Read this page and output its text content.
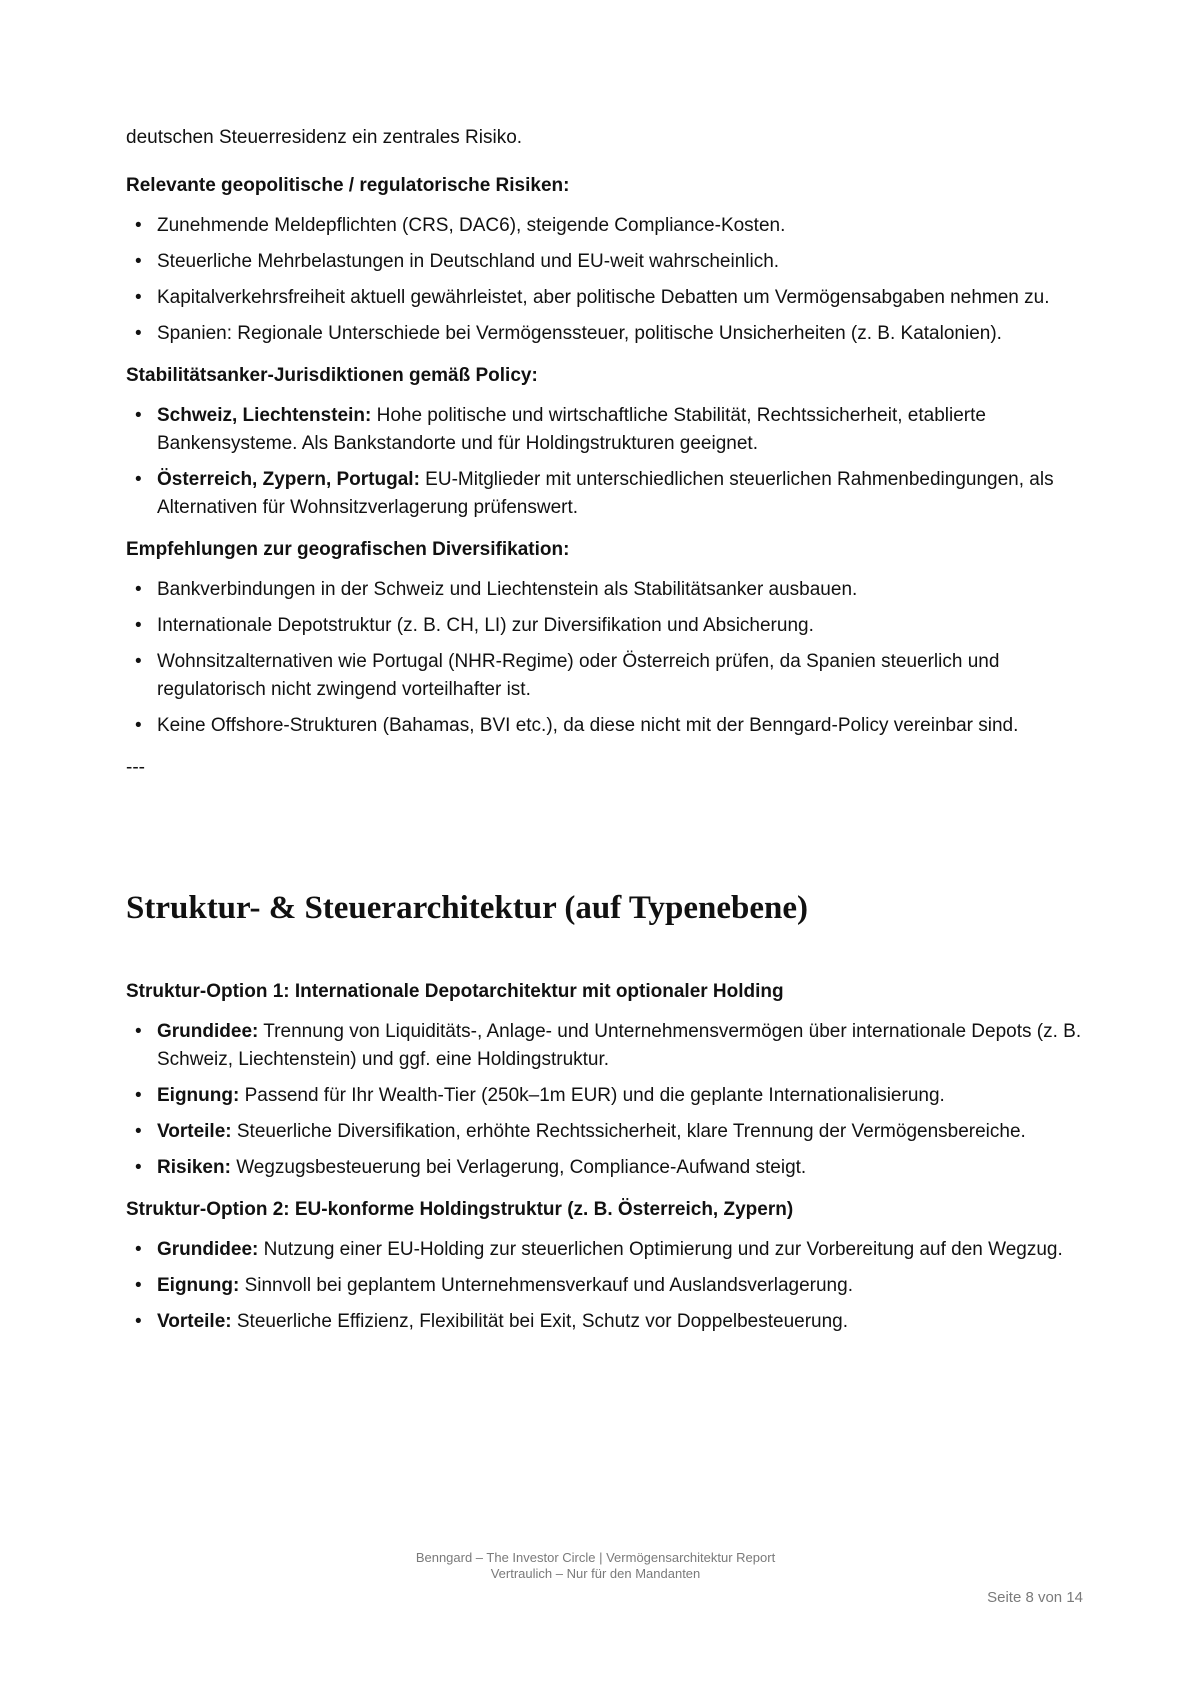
deutschen Steuerresidenz ein zentrales Risiko.

Relevante geopolitische / regulatorische Risiken:
• Zunehmende Meldepflichten (CRS, DAC6), steigende Compliance-Kosten.
• Steuerliche Mehrbelastungen in Deutschland und EU-weit wahrscheinlich.
• Kapitalverkehrsfreiheit aktuell gewährleistet, aber politische Debatten um Vermögensabgaben nehmen zu.
• Spanien: Regionale Unterschiede bei Vermögenssteuer, politische Unsicherheiten (z. B. Katalonien).
Stabilitätsanker-Jurisdiktionen gemäß Policy:
• Schweiz, Liechtenstein: Hohe politische und wirtschaftliche Stabilität, Rechtssicherheit, etablierte Bankensysteme. Als Bankstandorte und für Holdingstrukturen geeignet.
• Österreich, Zypern, Portugal: EU-Mitglieder mit unterschiedlichen steuerlichen Rahmenbedingungen, als Alternativen für Wohnsitzverlagerung prüfenswert.
Empfehlungen zur geografischen Diversifikation:
• Bankverbindungen in der Schweiz und Liechtenstein als Stabilitätsanker ausbauen.
• Internationale Depotstruktur (z. B. CH, LI) zur Diversifikation und Absicherung.
• Wohnsitzalternativen wie Portugal (NHR-Regime) oder Österreich prüfen, da Spanien steuerlich und regulatorisch nicht zwingend vorteilhafter ist.
• Keine Offshore-Strukturen (Bahamas, BVI etc.), da diese nicht mit der Benngard-Policy vereinbar sind.
---
Struktur- & Steuerarchitektur (auf Typenebene)
Struktur-Option 1: Internationale Depotarchitektur mit optionaler Holding
• Grundidee: Trennung von Liquiditäts-, Anlage- und Unternehmensvermögen über internationale Depots (z. B. Schweiz, Liechtenstein) und ggf. eine Holdingstruktur.
• Eignung: Passend für Ihr Wealth-Tier (250k–1m EUR) und die geplante Internationalisierung.
• Vorteile: Steuerliche Diversifikation, erhöhte Rechtssicherheit, klare Trennung der Vermögensbereiche.
• Risiken: Wegzugsbesteuerung bei Verlagerung, Compliance-Aufwand steigt.
Struktur-Option 2: EU-konforme Holdingstruktur (z. B. Österreich, Zypern)
• Grundidee: Nutzung einer EU-Holding zur steuerlichen Optimierung und zur Vorbereitung auf den Wegzug.
• Eignung: Sinnvoll bei geplantem Unternehmensverkauf und Auslandsverlagerung.
• Vorteile: Steuerliche Effizienz, Flexibilität bei Exit, Schutz vor Doppelbesteuerung.
Benngard – The Investor Circle | Vermögensarchitektur Report
Vertraulich – Nur für den Mandanten
Seite 8 von 14
